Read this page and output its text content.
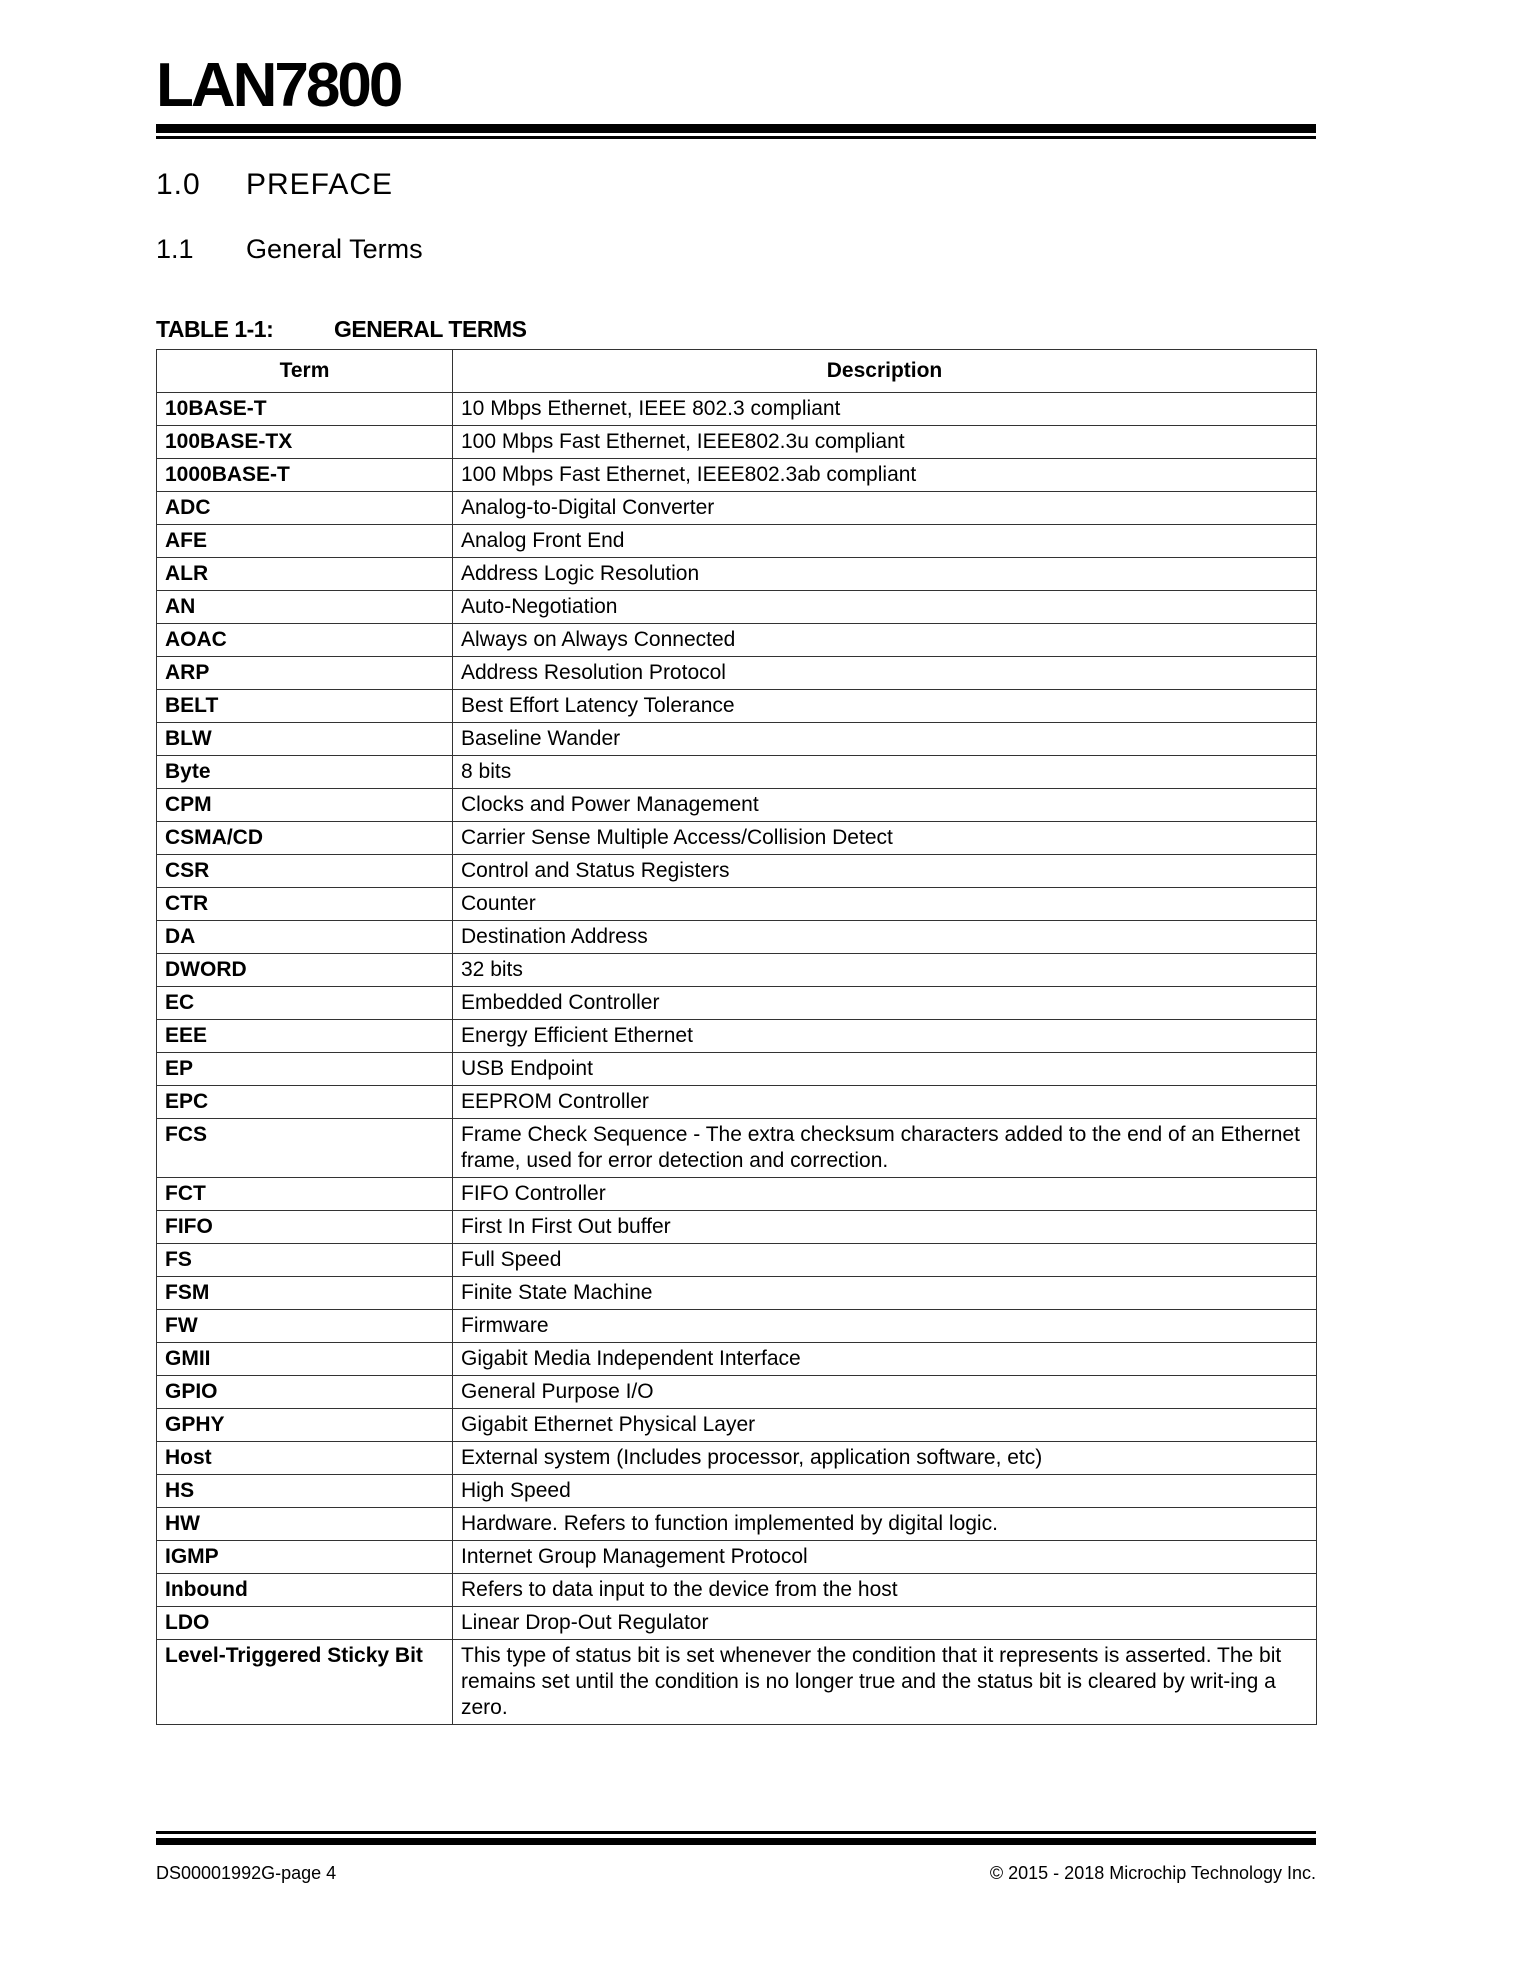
LAN7800
1.0 PREFACE
1.1 General Terms
TABLE 1-1:	GENERAL TERMS
Term	Description
10BASE-T	10 Mbps Ethernet, IEEE 802.3 compliant
100BASE-TX	100 Mbps Fast Ethernet, IEEE802.3u compliant
1000BASE-T	100 Mbps Fast Ethernet, IEEE802.3ab compliant
ADC	Analog-to-Digital Converter
AFE	Analog Front End
ALR	Address Logic Resolution
AN	Auto-Negotiation
AOAC	Always on Always Connected
ARP	Address Resolution Protocol
BELT	Best Effort Latency Tolerance
BLW	Baseline Wander
Byte	8 bits
CPM	Clocks and Power Management
CSMA/CD	Carrier Sense Multiple Access/Collision Detect
CSR	Control and Status Registers
CTR	Counter
DA	Destination Address
DWORD	32 bits
EC	Embedded Controller
EEE	Energy Efficient Ethernet
EP	USB Endpoint
EPC	EEPROM Controller
FCS	Frame Check Sequence - The extra checksum characters added to the end of an Ethernet frame, used for error detection and correction.
FCT	FIFO Controller
FIFO	First In First Out buffer
FS	Full Speed
FSM	Finite State Machine
FW	Firmware
GMII	Gigabit Media Independent Interface
GPIO	General Purpose I/O
GPHY	Gigabit Ethernet Physical Layer
Host	External system (Includes processor, application software, etc)
HS	High Speed
HW	Hardware. Refers to function implemented by digital logic.
IGMP	Internet Group Management Protocol
Inbound	Refers to data input to the device from the host
LDO	Linear Drop-Out Regulator
Level-Triggered Sticky Bit	This type of status bit is set whenever the condition that it represents is asserted. The bit remains set until the condition is no longer true and the status bit is cleared by writ-ing a zero.
DS00001992G-page 4	© 2015 - 2018 Microchip Technology Inc.
